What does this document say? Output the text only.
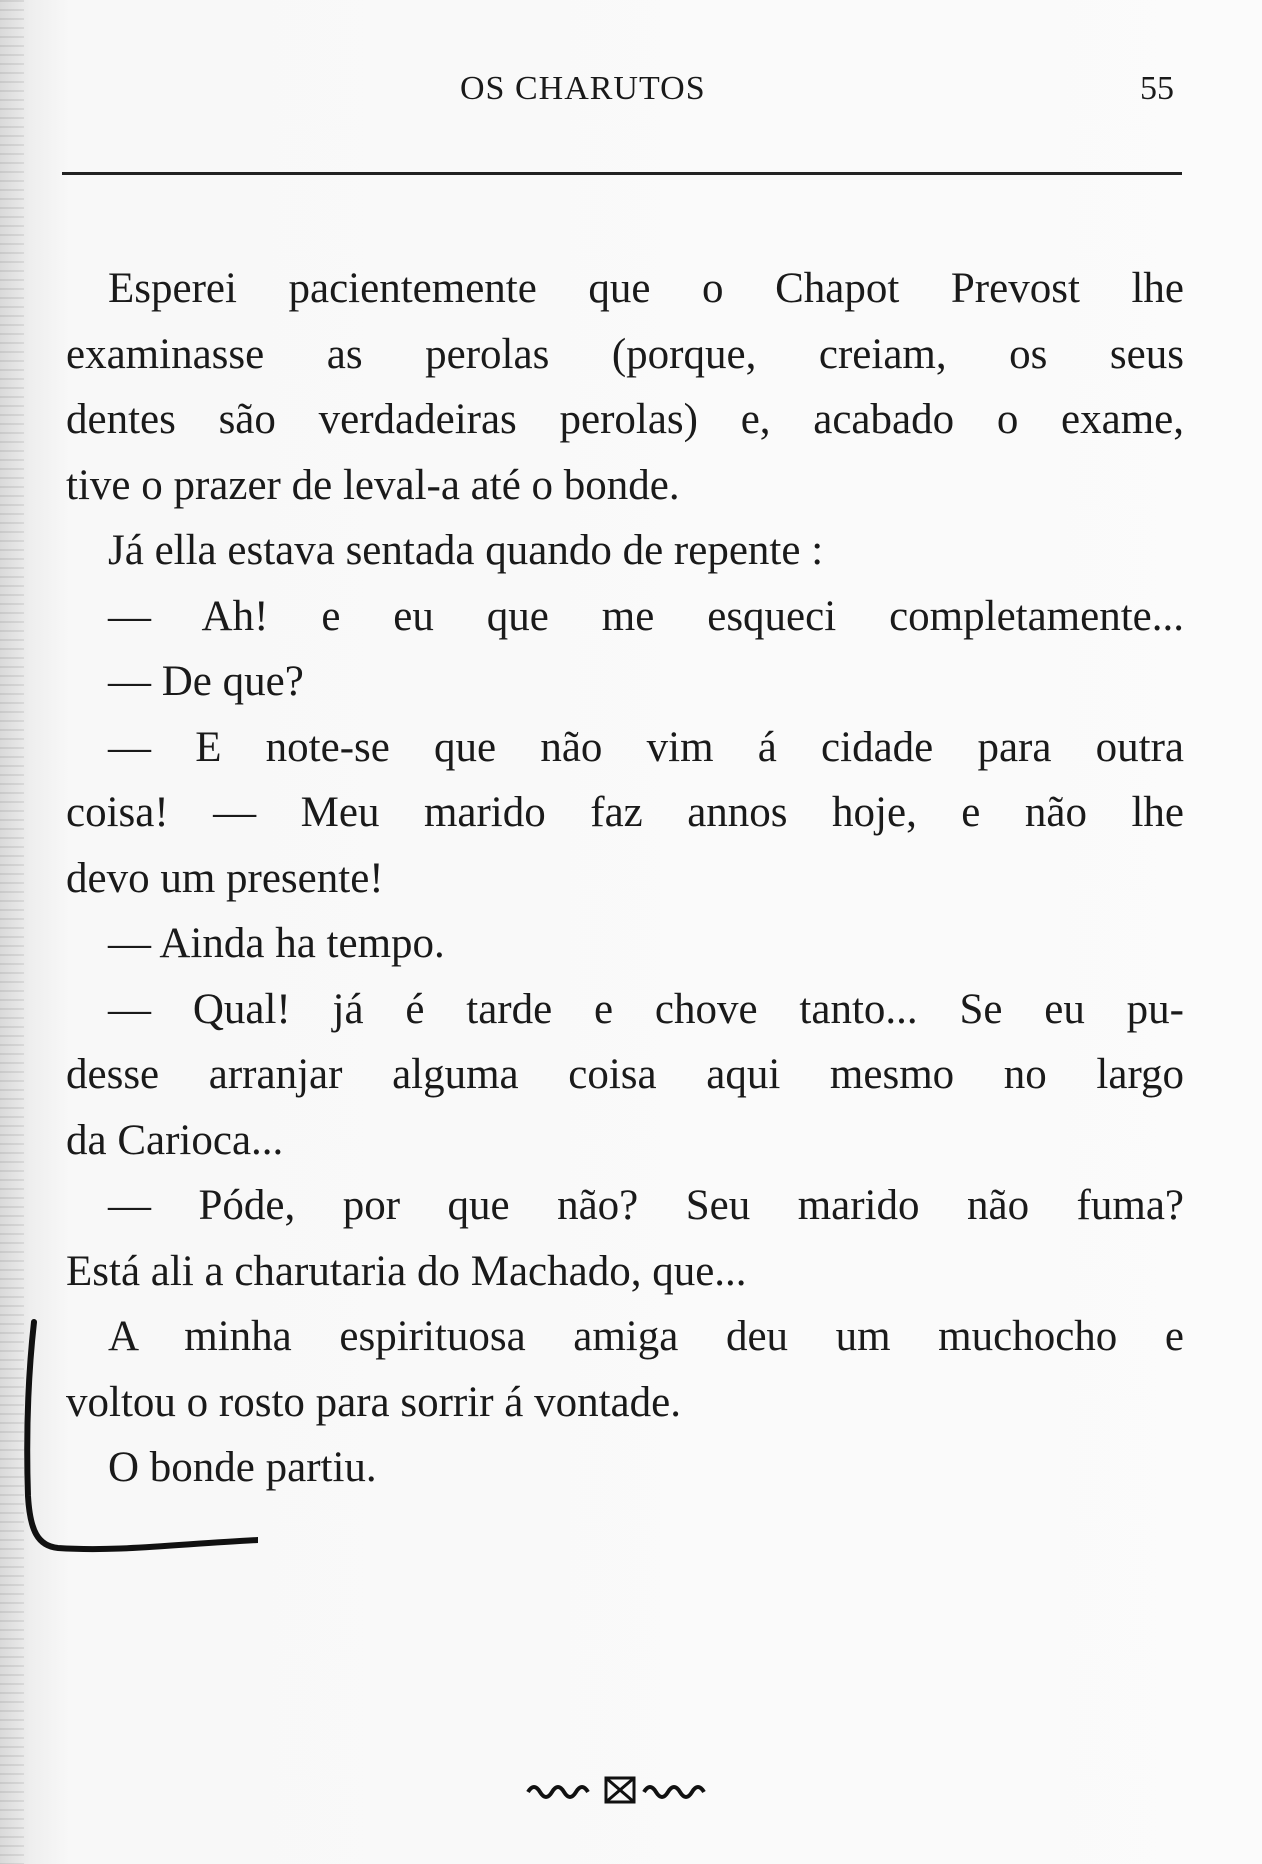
OS CHARUTOS	55
Esperei pacientemente que o Chapot Prevost lhe
examinasse as perolas (porque, creiam, os seus
dentes são verdadeiras perolas) e, acabado o exame,
tive o prazer de leval-a até o bonde.
Já ella estava sentada quando de repente :
— Ah! e eu que me esqueci completamente...
— De que?
— E note-se que não vim á cidade para outra
coisa! — Meu marido faz annos hoje, e não lhe
devo um presente!
— Ainda ha tempo.
— Qual! já é tarde e chove tanto... Se eu pu-
desse arranjar alguma coisa aqui mesmo no largo
da Carioca...
— Póde, por que não? Seu marido não fuma?
Está ali a charutaria do Machado, que...
A minha espirituosa amiga deu um muchocho e
voltou o rosto para sorrir á vontade.
O bonde partiu.
